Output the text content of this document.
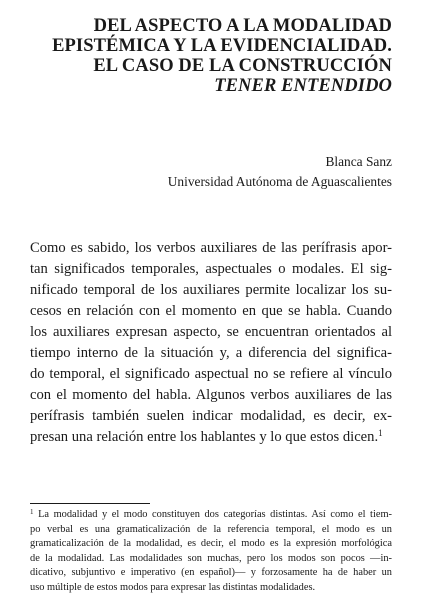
DEL ASPECTO A LA MODALIDAD
EPISTÉMICA Y LA EVIDENCIALIDAD.
EL CASO DE LA CONSTRUCCIÓN
TENER ENTENDIDO
Blanca Sanz
Universidad Autónoma de Aguascalientes
Como es sabido, los verbos auxiliares de las perífrasis apor-
tan significados temporales, aspectuales o modales. El sig-
nificado temporal de los auxiliares permite localizar los su-
cesos en relación con el momento en que se habla. Cuando
los auxiliares expresan aspecto, se encuentran orientados al
tiempo interno de la situación y, a diferencia del significa-
do temporal, el significado aspectual no se refiere al vínculo
con el momento del habla. Algunos verbos auxiliares de las
perífrasis también suelen indicar modalidad, es decir, ex-
presan una relación entre los hablantes y lo que estos dicen.$^1$
$^1$ La modalidad y el modo constituyen dos categorías distintas. Así como el tiem-
po verbal es una gramaticalización de la referencia temporal, el modo es un
gramaticalización de la modalidad, es decir, el modo es la expresión morfológica
de la modalidad. Las modalidades son muchas, pero los modos son pocos —in-
dicativo, subjuntivo e imperativo (en español)— y forzosamente ha de haber un
uso múltiple de estos modos para expresar las distintas modalidades.
